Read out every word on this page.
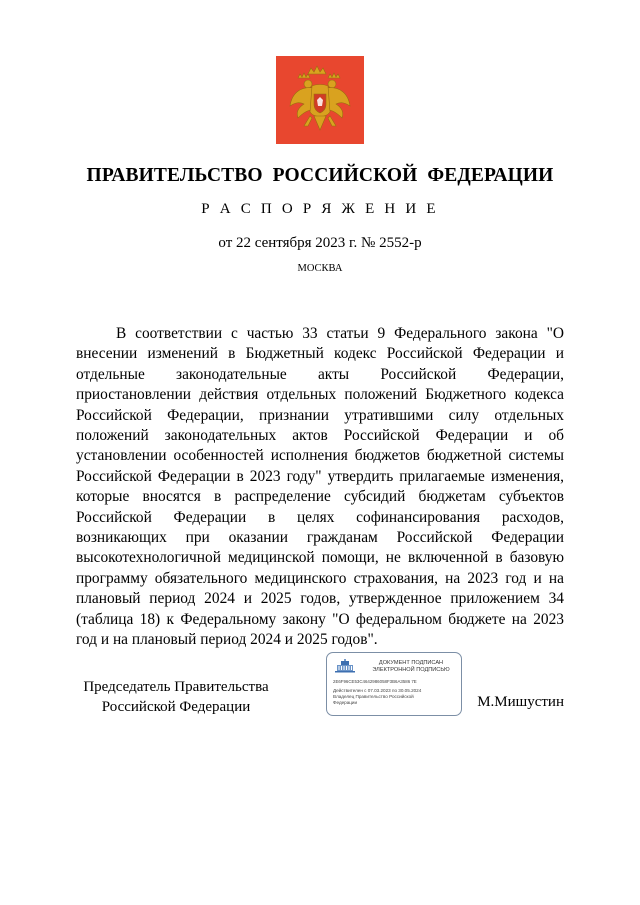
ПРАВИТЕЛЬСТВО РОССИЙСКОЙ ФЕДЕРАЦИИ
Р А С П О Р Я Ж Е Н И Е
от 22 сентября 2023 г. № 2552-р
МОСКВА

В соответствии с частью 33 статьи 9 Федерального закона "О внесении изменений в Бюджетный кодекс Российской Федерации и отдельные законодательные акты Российской Федерации, приостановлении действия отдельных положений Бюджетного кодекса Российской Федерации, признании утратившими силу отдельных положений законодательных актов Российской Федерации и об установлении особенностей исполнения бюджетов бюджетной системы Российской Федерации в 2023 году" утвердить прилагаемые изменения, которые вносятся в распределение субсидий бюджетам субъектов Российской Федерации в целях софинансирования расходов, возникающих при оказании гражданам Российской Федерации высокотехнологичной медицинской помощи, не включенной в базовую программу обязательного медицинского страхования, на 2023 год и на плановый период 2024 и 2025 годов, утвержденное приложением 34 (таблица 18) к Федеральному закону "О федеральном бюджете на 2023 год и на плановый период 2024 и 2025 годов".

Председатель Правительства
Российской Федерации
ДОКУМЕНТ ПОДПИСАН
ЭЛЕКТРОННОЙ ПОДПИСЬЮ
2E6F96CE53C4642986058F3B6A3586 7E
Действителен с 07.03.2023 по 30.05.2024
Владелец Правительство Российской
Федерации	М.Мишустин
